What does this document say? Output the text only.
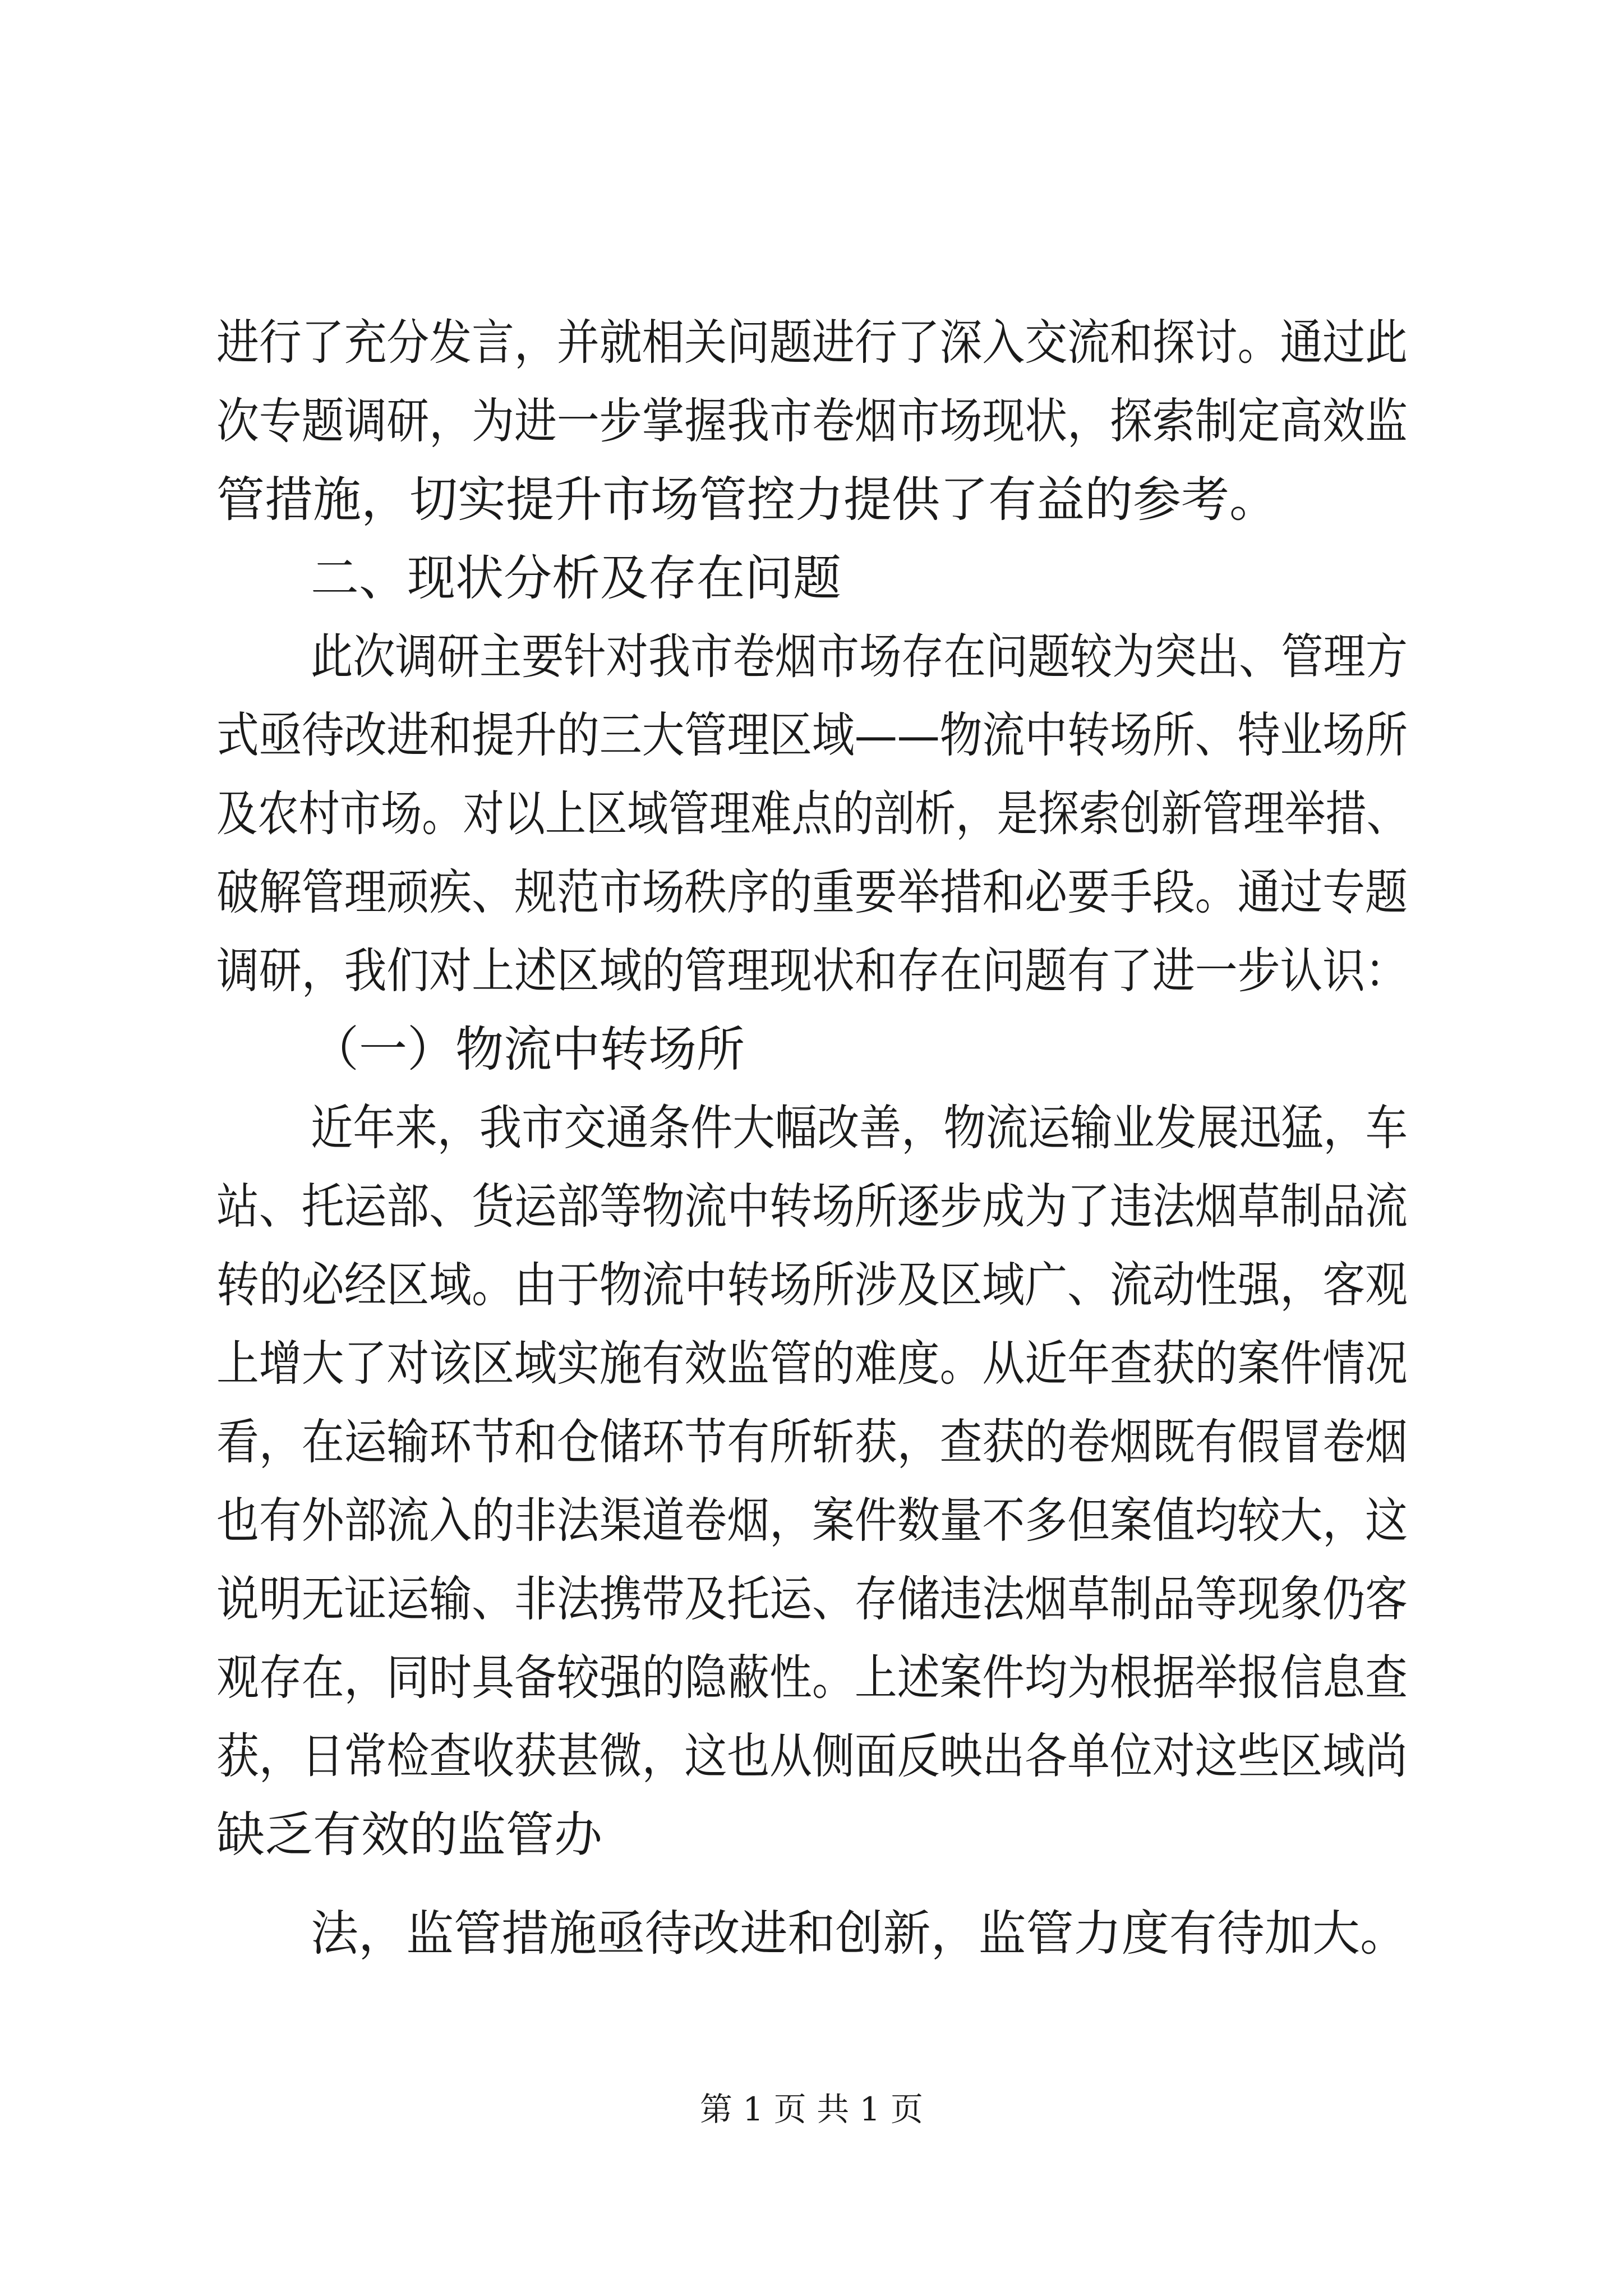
进行了充分发言，并就相关问题进行了深入交流和探讨。通过此
次专题调研，为进一步掌握我市卷烟市场现状，探索制定高效监
管措施，切实提升市场管控力提供了有益的参考。
二、现状分析及存在问题
此次调研主要针对我市卷烟市场存在问题较为突出、管理方
式亟待改进和提升的三大管理区域——物流中转场所、特业场所
及农村市场。对以上区域管理难点的剖析，是探索创新管理举措、
破解管理顽疾、规范市场秩序的重要举措和必要手段。通过专题
调研，我们对上述区域的管理现状和存在问题有了进一步认识：
（一）物流中转场所
近年来，我市交通条件大幅改善，物流运输业发展迅猛，车
站、托运部、货运部等物流中转场所逐步成为了违法烟草制品流
转的必经区域。由于物流中转场所涉及区域广、流动性强，客观
上增大了对该区域实施有效监管的难度。从近年查获的案件情况
看，在运输环节和仓储环节有所斩获，查获的卷烟既有假冒卷烟
也有外部流入的非法渠道卷烟，案件数量不多但案值均较大，这
说明无证运输、非法携带及托运、存储违法烟草制品等现象仍客
观存在，同时具备较强的隐蔽性。上述案件均为根据举报信息查
获，日常检查收获甚微，这也从侧面反映出各单位对这些区域尚
缺乏有效的监管办
法，监管措施亟待改进和创新，监管力度有待加大。
第 1 页 共 1 页
